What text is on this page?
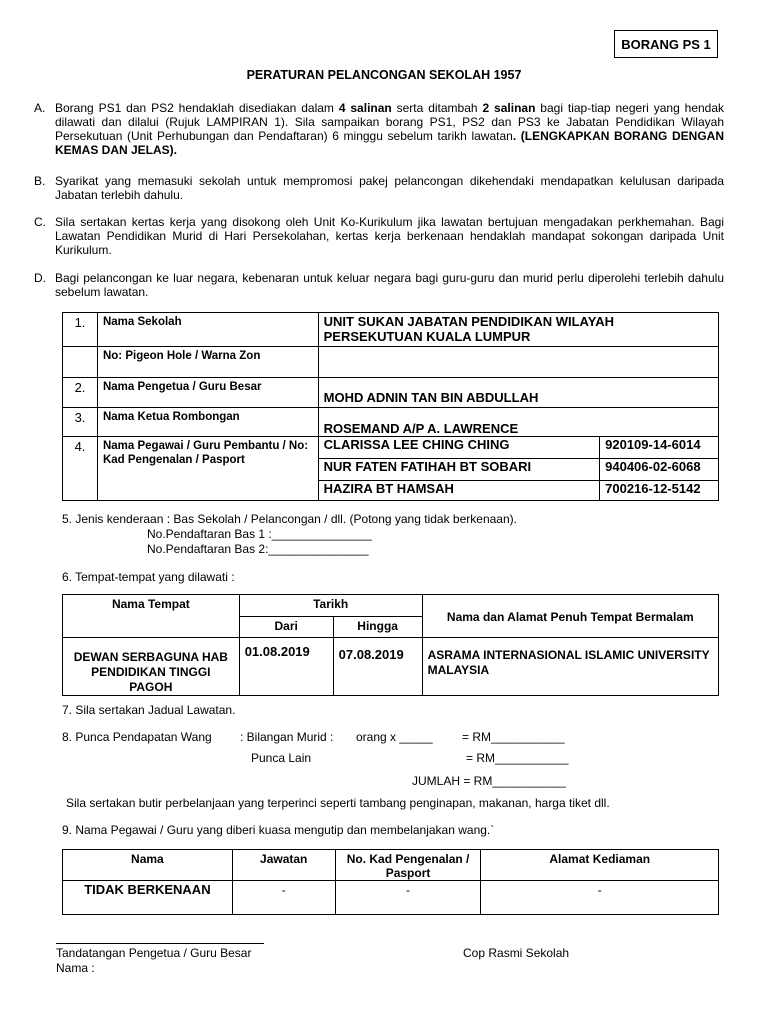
BORANG PS 1
PERATURAN PELANCONGAN SEKOLAH 1957
A. Borang PS1 dan PS2 hendaklah disediakan dalam 4 salinan serta ditambah 2 salinan bagi tiap-tiap negeri yang hendak dilawati dan dilalui (Rujuk LAMPIRAN 1). Sila sampaikan borang PS1, PS2 dan PS3 ke Jabatan Pendidikan Wilayah Persekutuan (Unit Perhubungan dan Pendaftaran) 6 minggu sebelum tarikh lawatan. (LENGKAPKAN BORANG DENGAN KEMAS DAN JELAS).
B. Syarikat yang memasuki sekolah untuk mempromosi pakej pelancongan dikehendaki mendapatkan kelulusan daripada Jabatan terlebih dahulu.
C. Sila sertakan kertas kerja yang disokong oleh Unit Ko-Kurikulum jika lawatan bertujuan mengadakan perkhemahan. Bagi Lawatan Pendidikan Murid di Hari Persekolahan, kertas kerja berkenaan hendaklah mandapat sokongan daripada Unit Kurikulum.
D. Bagi pelancongan ke luar negara, kebenaran untuk keluar negara bagi guru-guru dan murid perlu diperolehi terlebih dahulu sebelum lawatan.
1.	Nama Sekolah	UNIT SUKAN JABATAN PENDIDIKAN WILAYAH PERSEKUTUAN KUALA LUMPUR	
	No: Pigeon Hole / Warna Zon		
2.	Nama Pengetua / Guru Besar	MOHD ADNIN TAN BIN ABDULLAH	
3.	Nama Ketua Rombongan	ROSEMAND A/P A. LAWRENCE	
4.	Nama Pegawai / Guru Pembantu / No: Kad Pengenalan / Pasport	CLARISSA LEE CHING CHING	920109-14-6014
		NUR FATEN FATIHAH BT SOBARI	940406-02-6068
		HAZIRA BT HAMSAH	700216-12-5142
5. Jenis kenderaan : Bas Sekolah / Pelancongan / dll. (Potong yang tidak berkenaan).
No.Pendaftaran Bas 1 :_______________
No.Pendaftaran Bas 2:_______________
6. Tempat-tempat yang dilawati :
Nama Tempat	Tarikh		Nama dan Alamat Penuh Tempat Bermalam
	Dari	Hingga	
DEWAN SERBAGUNA HAB PENDIDIKAN TINGGI PAGOH	01.08.2019	07.08.2019	ASRAMA INTERNASIONAL ISLAMIC UNIVERSITY MALAYSIA
7. Sila sertakan Jadual Lawatan.
8. Punca Pendapatan Wang : Bilangan Murid : orang x _____ = RM___________
Punca Lain	= RM___________
JUMLAH = RM___________
Sila sertakan butir perbelanjaan yang terperinci seperti tambang penginapan, makanan, harga tiket dll.
9. Nama Pegawai / Guru yang diberi kuasa mengutip dan membelanjakan wang.`
Nama	Jawatan	No. Kad Pengenalan / Pasport	Alamat Kediaman
TIDAK BERKENAAN	-	-	-
Tandatangan Pengetua / Guru Besar
Nama :
Cop Rasmi Sekolah
